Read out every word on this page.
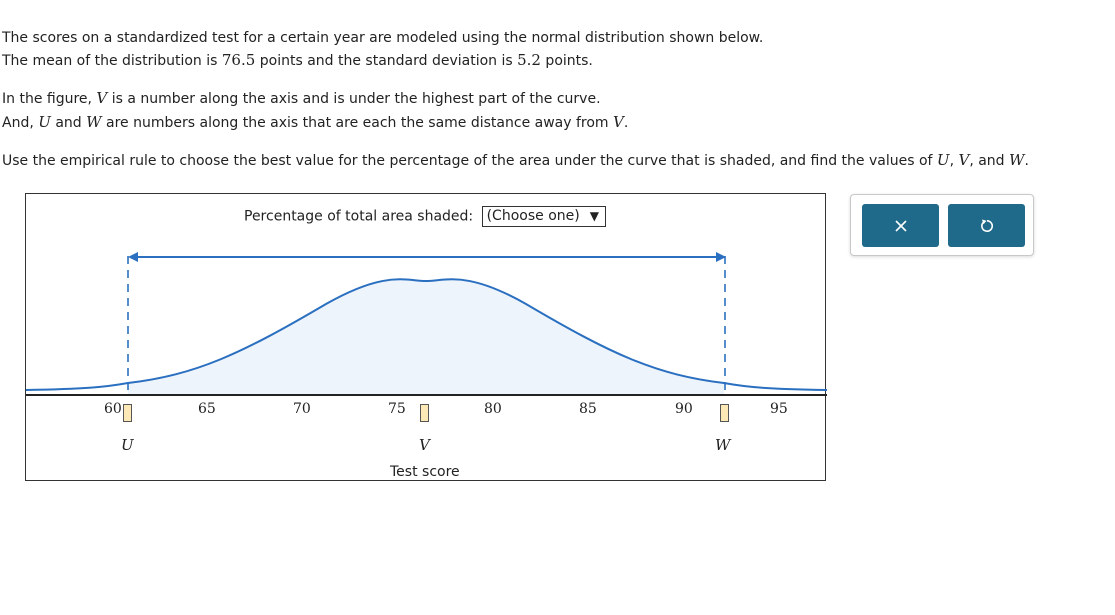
The scores on a standardized test for a certain year are modeled using the normal distribution shown below.
The mean of the distribution is 76.5 points and the standard deviation is 5.2 points.
In the figure, V is a number along the axis and is under the highest part of the curve.
And, U and W are numbers along the axis that are each the same distance away from V.
Use the empirical rule to choose the best value for the percentage of the area under the curve that is shaded, and find the values of U, V, and W.
Percentage of total area shaded: (Choose one) ▼
60	65	70	75	80	85	90	95
U	V	W
Test score
